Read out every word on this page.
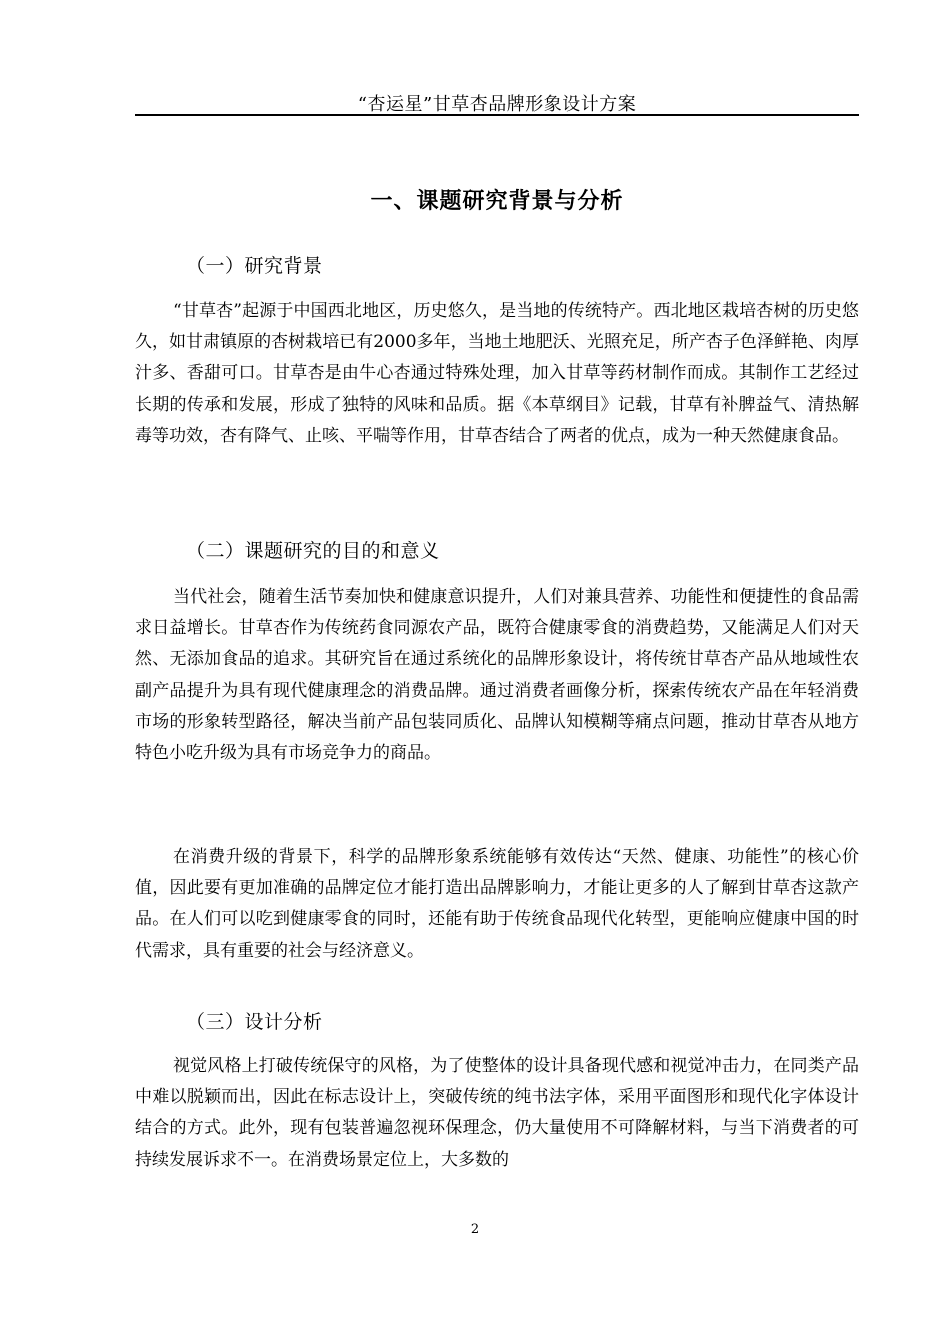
“杏运星”甘草杏品牌形象设计方案
一、课题研究背景与分析
（一）研究背景

“甘草杏”起源于中国西北地区，历史悠久，是当地的传统特产。西北地区栽培杏树的历史悠久，如甘肃镇原的杏树栽培已有2000多年，当地土地肥沃、光照充足，所产杏子色泽鲜艳、肉厚汁多、香甜可口。甘草杏是由牛心杏通过特殊处理，加入甘草等药材制作而成。其制作工艺经过长期的传承和发展，形成了独特的风味和品质。据《本草纲目》记载，甘草有补脾益气、清热解毒等功效，杏有降气、止咳、平喘等作用，甘草杏结合了两者的优点，成为一种天然健康食品。

（二）课题研究的目的和意义

当代社会，随着生活节奏加快和健康意识提升，人们对兼具营养、功能性和便捷性的食品需求日益增长。甘草杏作为传统药食同源农产品，既符合健康零食的消费趋势，又能满足人们对天然、无添加食品的追求。其研究旨在通过系统化的品牌形象设计，将传统甘草杏产品从地域性农副产品提升为具有现代健康理念的消费品牌。通过消费者画像分析，探索传统农产品在年轻消费市场的形象转型路径，解决当前产品包装同质化、品牌认知模糊等痛点问题，推动甘草杏从地方特色小吃升级为具有市场竞争力的商品。

在消费升级的背景下，科学的品牌形象系统能够有效传达“天然、健康、功能性”的核心价值，因此要有更加准确的品牌定位才能打造出品牌影响力，才能让更多的人了解到甘草杏这款产品。在人们可以吃到健康零食的同时，还能有助于传统食品现代化转型，更能响应健康中国的时代需求，具有重要的社会与经济意义。

（三）设计分析

视觉风格上打破传统保守的风格，为了使整体的设计具备现代感和视觉冲击力，在同类产品中难以脱颖而出，因此在标志设计上，突破传统的纯书法字体，采用平面图形和现代化字体设计结合的方式。此外，现有包装普遍忽视环保理念，仍大量使用不可降解材料，与当下消费者的可持续发展诉求不一。在消费场景定位上，大多数的

2
